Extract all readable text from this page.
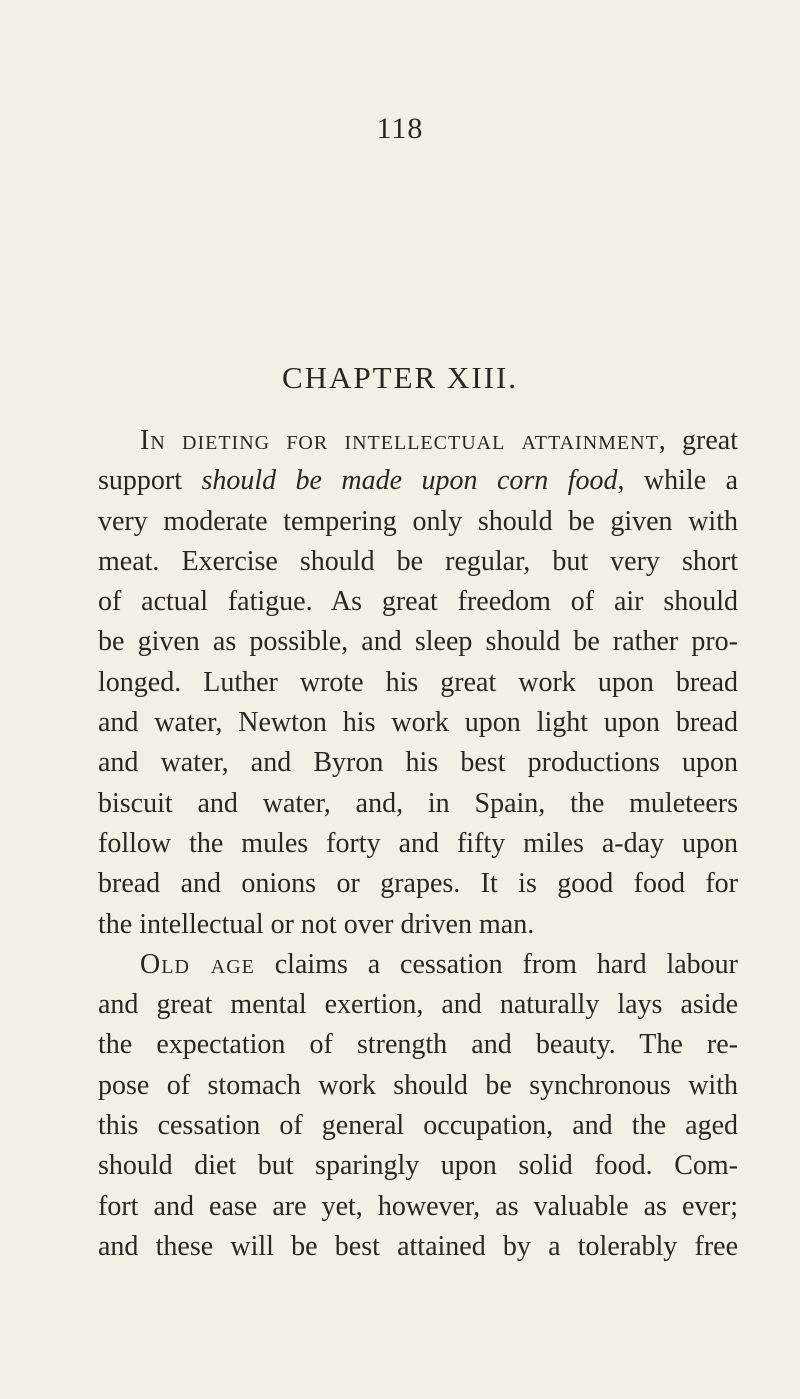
118
CHAPTER XIII.
In dieting for intellectual attainment, great
support should be made upon corn food, while a
very moderate tempering only should be given with
meat. Exercise should be regular, but very short
of actual fatigue. As great freedom of air should
be given as possible, and sleep should be rather pro-
longed. Luther wrote his great work upon bread
and water, Newton his work upon light upon bread
and water, and Byron his best productions upon
biscuit and water, and, in Spain, the muleteers
follow the mules forty and fifty miles a-day upon
bread and onions or grapes. It is good food for
the intellectual or not over driven man.
Old age claims a cessation from hard labour
and great mental exertion, and naturally lays aside
the expectation of strength and beauty. The re-
pose of stomach work should be synchronous with
this cessation of general occupation, and the aged
should diet but sparingly upon solid food. Com-
fort and ease are yet, however, as valuable as ever;
and these will be best attained by a tolerably free
